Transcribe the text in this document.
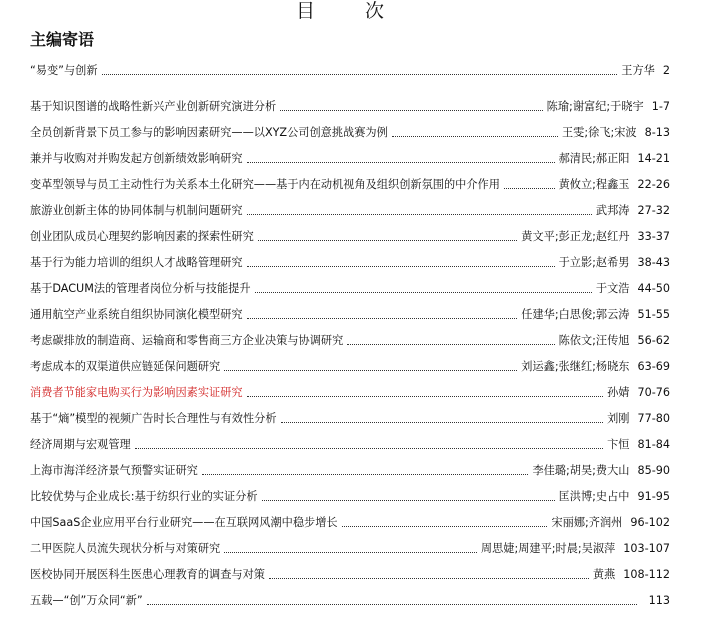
目 次
主编寄语
“易变”与创新	王方华 2
基于知识图谱的战略性新兴产业创新研究演进分析	陈瑜;谢富纪;于晓宇 1-7
全员创新背景下员工参与的影响因素研究——以XYZ公司创意挑战赛为例	王雯;徐飞;宋波 8-13
兼并与收购对并购发起方创新绩效影响研究	郝清民;郝正阳 14-21
变革型领导与员工主动性行为关系本土化研究——基于内在动机视角及组织创新氛围的中介作用	黄攸立;程鑫玉 22-26
旅游业创新主体的协同体制与机制问题研究	武邦涛 27-32
创业团队成员心理契约影响因素的探索性研究	黄文平;彭正龙;赵红丹 33-37
基于行为能力培训的组织人才战略管理研究	于立影;赵希男 38-43
基于DACUM法的管理者岗位分析与技能提升	于文浩 44-50
通用航空产业系统自组织协同演化模型研究	任建华;白思俊;郭云涛 51-55
考虑碳排放的制造商、运输商和零售商三方企业决策与协调研究	陈依文;汪传旭 56-62
考虑成本的双渠道供应链延保问题研究	刘运鑫;张继红;杨晓东 63-69
消费者节能家电购买行为影响因素实证研究	孙婧 70-76
基于“熵”模型的视频广告时长合理性与有效性分析	刘刚 77-80
经济周期与宏观管理	卞恒 81-84
上海市海洋经济景气预警实证研究	李佳璐;胡昊;费大山 85-90
比较优势与企业成长:基于纺织行业的实证分析	匡洪博;史占中 91-95
中国SaaS企业应用平台行业研究——在互联网风潮中稳步增长	宋丽娜;齐润州 96-102
二甲医院人员流失现状分析与对策研究	周思婕;周建平;时晨;吴淑萍 103-107
医校协同开展医科生医患心理教育的调查与对策	黄燕 108-112
五载—“创”万众同“新”	113
